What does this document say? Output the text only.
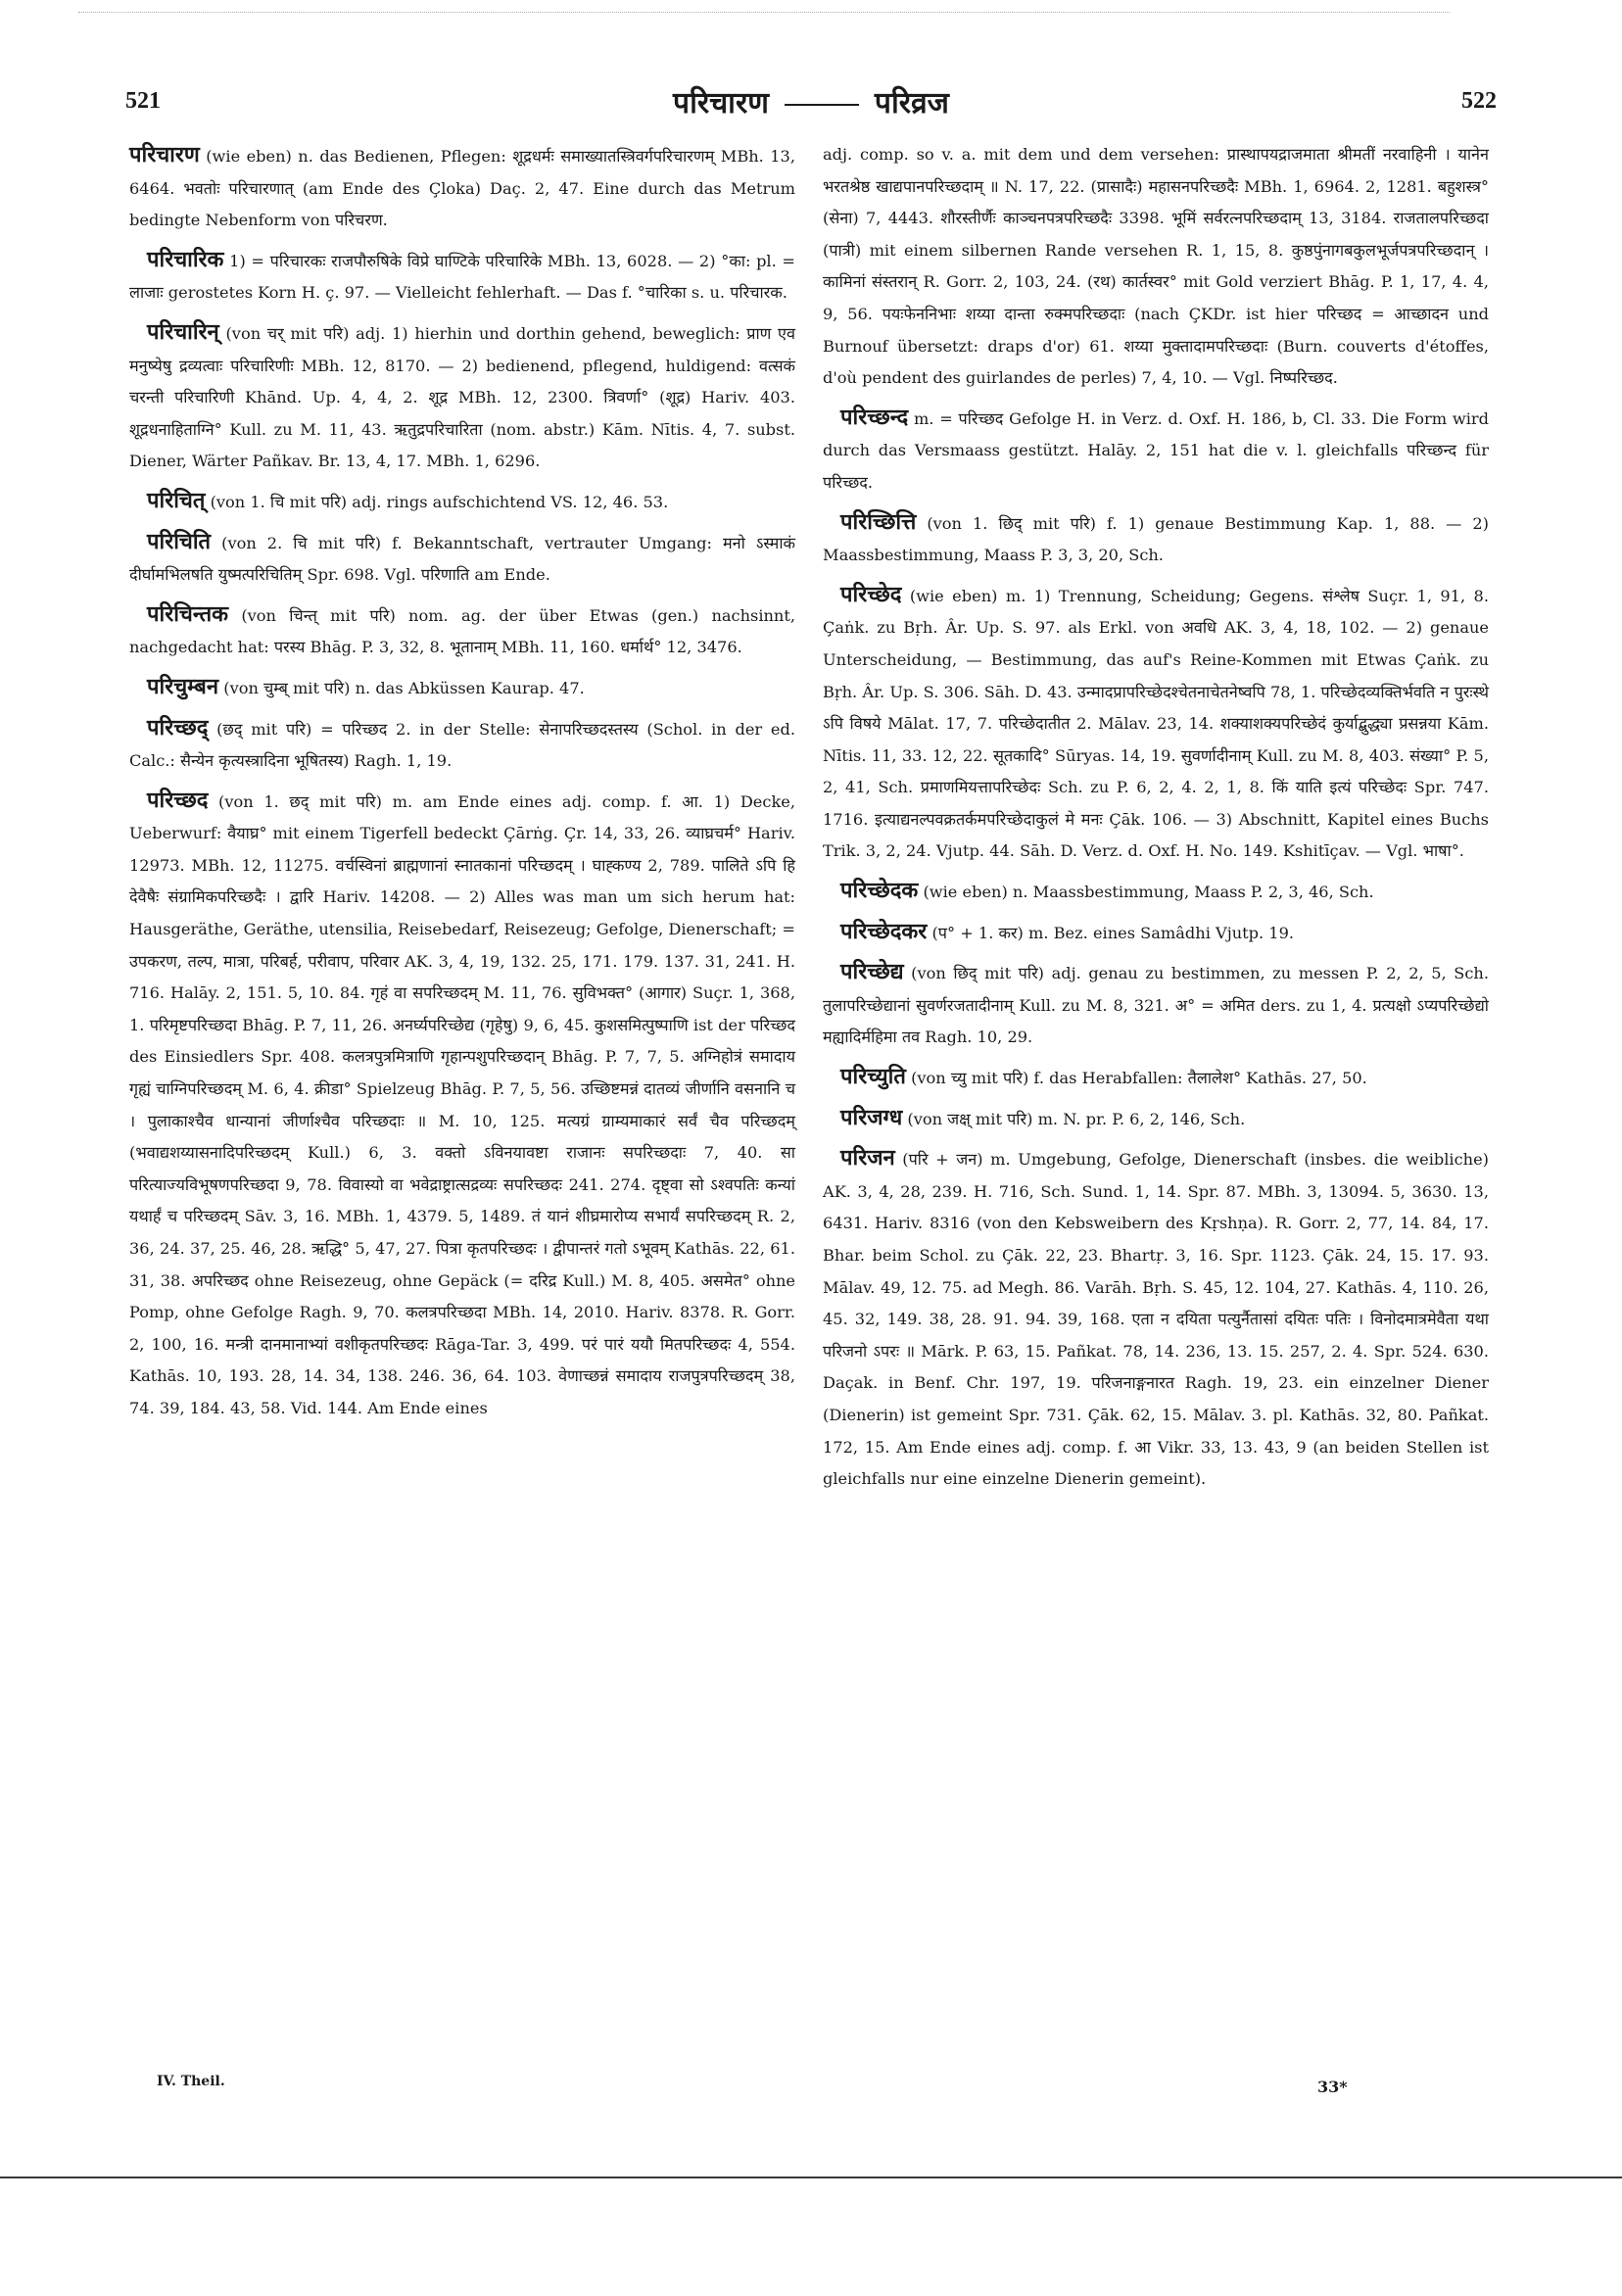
521	परिचारण	परिव्रज	522

परिचारण (wie eben) n. das Bedienen, Pflegen: शूद्रधर्मः समाख्यातस्त्रिवर्गपरिचारणम् MBh. 13, 6464. भवतोः परिचारणात् (am Ende des Çloka) Daç. 2, 47. Eine durch das Metrum bedingte Nebenform von परिचरण.

परिचारिक 1) = परिचारकः राजपौरुषिके विप्रे घाण्टिके परिचारिके MBh. 13, 6028. — 2) °का: pl. = लाजाः gerostetes Korn H. ç. 97. — Vielleicht fehlerhaft. — Das f. °चारिका s. u. परिचारक.

परिचारिन् (von चर् mit परि) adj. 1) hierhin und dorthin gehend, beweglich: प्राण एव मनुष्येषु द्रव्यत्वाः परिचारिणीः MBh. 12, 8170. — 2) bedienend, pflegend, huldigend: वत्सकं चरन्ती परिचारिणी Khānd. Up. 4, 4, 2. शूद्र MBh. 12, 2300. त्रिवर्णा° (शूद्र) Hariv. 403. शूद्रधनाहिताग्नि° Kull. zu M. 11, 43. ऋतुद्रपरिचारिता (nom. abstr.) Kām. Nītis. 4, 7. subst. Diener, Wärter Pañkav. Br. 13, 4, 17. MBh. 1, 6296.

परिचित् (von 1. चि mit परि) adj. rings aufschichtend VS. 12, 46. 53.

परिचिति (von 2. चि mit परि) f. Bekanntschaft, vertrauter Umgang: मनो ऽस्माकं दीर्घामभिलषति युष्मत्परिचितिम् Spr. 698. Vgl. परिणाति am Ende.

परिचिन्तक (von चिन्त् mit परि) nom. ag. der über Etwas (gen.) nachsinnt, nachgedacht hat: परस्य Bhāg. P. 3, 32, 8. भूतानाम् MBh. 11, 160. धर्मार्थ° 12, 3476.

परिचुम्बन (von चुम्ब् mit परि) n. das Abküssen Kaurap. 47.

परिच्छद् (छद् mit परि) = परिच्छद 2. in der Stelle: सेनापरिच्छदस्तस्य (Schol. in der ed. Calc.: सैन्येन कृत्यस्त्रादिना भूषितस्य) Ragh. 1, 19.

परिच्छद (von 1. छद् mit परि) m. am Ende eines adj. comp. f. आ. 1) Decke, Ueberwurf: वैयाघ्र° mit einem Tigerfell bedeckt Çārṅg. Çr. 14, 33, 26. व्याघ्रचर्म° Hariv. 12973. MBh. 12, 11275. वर्चस्विनां ब्राह्मणानां स्नातकानां परिच्छदम् । घाह्कण्य 2, 789. पालिते ऽपि हि देवैषैः संग्रामिकपरिच्छदैः । द्वारि Hariv. 14208. — 2) Alles was man um sich herum hat: Hausgeräthe, Geräthe, utensilia, Reisebedarf, Reisezeug; Gefolge, Dienerschaft; = उपकरण, तल्प, मात्रा, परिबर्ह, परीवाप, परिवार AK. 3, 4, 19, 132. 25, 171. 179. 137. 31, 241. H. 716. Halāy. 2, 151. 5, 10. 84. गृहं वा सपरिच्छदम् M. 11, 76. सुविभक्त° (आगार) Suçr. 1, 368, 1. परिमृष्टपरिच्छदा Bhāg. P. 7, 11, 26. अनर्घ्यपरिच्छेद्य (गृहेषु) 9, 6, 45. कुशसमित्पुष्पाणि ist der परिच्छद des Einsiedlers Spr. 408. कलत्रपुत्रमित्राणि गृहान्पशुपरिच्छदान् Bhāg. P. 7, 7, 5. अग्निहोत्रं समादाय गृह्यं चाग्निपरिच्छदम् M. 6, 4. क्रीडा° Spielzeug Bhāg. P. 7, 5, 56. उच्छिष्टमन्नं दातव्यं जीर्णानि वसनानि च । पुलाकाश्चैव धान्यानां जीर्णाश्चैव परिच्छदाः ॥ M. 10, 125. मत्यग्रं ग्राम्यमाकारं सर्वं चैव परिच्छदम् (भवाद्यशय्यासनादिपरिच्छदम् Kull.) 6, 3. वक्तो ऽविनयावष्टा राजानः सपरिच्छदाः 7, 40. सा परित्याज्यविभूषणपरिच्छदा 9, 78. विवास्यो वा भवेद्राष्ट्रात्सद्रव्यः सपरिच्छदः 241. 274. दृष्ट्वा सो ऽश्वपतिः कन्यां यथार्हं च परिच्छदम् Sāv. 3, 16. MBh. 1, 4379. 5, 1489. तं यानं शीघ्रमारोप्य सभार्यं सपरिच्छदम् R. 2, 36, 24. 37, 25. 46, 28. ऋद्धि° 5, 47, 27. पित्रा कृतपरिच्छदः । द्वीपान्तरं गतो ऽभूवम् Kathās. 22, 61. 31, 38. अपरिच्छद ohne Reisezeug, ohne Gepäck (= दरिद्र Kull.) M. 8, 405. असमेत° ohne Pomp, ohne Gefolge Ragh. 9, 70. कलत्रपरिच्छदा MBh. 14, 2010. Hariv. 8378. R. Gorr. 2, 100, 16. मन्त्री दानमानाभ्यां वशीकृतपरिच्छदः Rāga-Tar. 3, 499. परं पारं ययौ मितपरिच्छदः 4, 554. Kathās. 10, 193. 28, 14. 34, 138. 246. 36, 64. 103. वेणाच्छन्नं समादाय राजपुत्रपरिच्छदम् 38, 74. 39, 184. 43, 58. Vid. 144. Am Ende eines

adj. comp. so v. a. mit dem und dem versehen: प्रास्थापयद्राजमाता श्रीमतीं नरवाहिनी । यानेन भरतश्रेष्ठ खाद्यपानपरिच्छदाम् ॥ N. 17, 22. (प्रासादैः) महासनपरिच्छदैः MBh. 1, 6964. 2, 1281. बहुशस्त्र° (सेना) 7, 4443. शौरस्तीर्णैः काञ्चनपत्रपरिच्छदैः 3398. भूमिं सर्वरत्नपरिच्छदाम् 13, 3184. राजतालपरिच्छदा (पात्री) mit einem silbernen Rande versehen R. 1, 15, 8. कुष्ठपुंनागबकुलभूर्जपत्रपरिच्छदान् । कामिनां संस्तरान् R. Gorr. 2, 103, 24. (रथ) कार्तस्वर° mit Gold verziert Bhāg. P. 1, 17, 4. 4, 9, 56. पयःफेननिभाः शय्या दान्ता रुक्मपरिच्छदाः (nach ÇKDr. ist hier परिच्छद = आच्छादन und Burnouf übersetzt: draps d'or) 61. शय्या मुक्तादामपरिच्छदाः (Burn. couverts d'étoffes, d'où pendent des guirlandes de perles) 7, 4, 10. — Vgl. निष्परिच्छद.

परिच्छन्द m. = परिच्छद Gefolge H. in Verz. d. Oxf. H. 186, b, Cl. 33. Die Form wird durch das Versmaass gestützt. Halāy. 2, 151 hat die v. l. gleichfalls परिच्छन्द für परिच्छद.

परिच्छित्ति (von 1. छिद् mit परि) f. 1) genaue Bestimmung Kap. 1, 88. — 2) Maassbestimmung, Maass P. 3, 3, 20, Sch.

परिच्छेद (wie eben) m. 1) Trennung, Scheidung; Gegens. संश्लेष Suçr. 1, 91, 8. Çaṅk. zu Bṛh. Âr. Up. S. 97. als Erkl. von अवधि AK. 3, 4, 18, 102. — 2) genaue Unterscheidung, — Bestimmung, das auf's Reine-Kommen mit Etwas Çaṅk. zu Bṛh. Âr. Up. S. 306. Sāh. D. 43. उन्मादप्रापरिच्छेदश्चेतनाचेतनेष्वपि 78, 1. परिच्छेदव्यक्तिर्भवति न पुरःस्थे ऽपि विषये Mālat. 17, 7. परिच्छेदातीत 2. Mālav. 23, 14. शक्याशक्यपरिच्छेदं कुर्याद्बुद्ध्या प्रसन्नया Kām. Nītis. 11, 33. 12, 22. सूतकादि° Sūryas. 14, 19. सुवर्णादीनाम् Kull. zu M. 8, 403. संख्या° P. 5, 2, 41, Sch. प्रमाणमियत्तापरिच्छेदः Sch. zu P. 6, 2, 4. 2, 1, 8. किं याति इत्यं परिच्छेदः Spr. 747. 1716. इत्याद्यनल्पवक्रतर्कमपरिच्छेदाकुलं मे मनः Çāk. 106. — 3) Abschnitt, Kapitel eines Buchs Trik. 3, 2, 24. Vjutp. 44. Sāh. D. Verz. d. Oxf. H. No. 149. Kshitīçav. — Vgl. भाषा°.

परिच्छेदक (wie eben) n. Maassbestimmung, Maass P. 2, 3, 46, Sch.

परिच्छेदकर (प° + 1. कर) m. Bez. eines Samâdhi Vjutp. 19.

परिच्छेद्य (von छिद् mit परि) adj. genau zu bestimmen, zu messen P. 2, 2, 5, Sch. तुलापरिच्छेद्यानां सुवर्णरजतादीनाम् Kull. zu M. 8, 321. अ° = अमित ders. zu 1, 4. प्रत्यक्षो ऽप्यपरिच्छेद्यो मह्यादिर्महिमा तव Ragh. 10, 29.

परिच्युति (von च्यु mit परि) f. das Herabfallen: तैलालेश° Kathās. 27, 50.

परिजग्ध (von जक्ष् mit परि) m. N. pr. P. 6, 2, 146, Sch.

परिजन (परि + जन) m. Umgebung, Gefolge, Dienerschaft (insbes. die weibliche) AK. 3, 4, 28, 239. H. 716, Sch. Sund. 1, 14. Spr. 87. MBh. 3, 13094. 5, 3630. 13, 6431. Hariv. 8316 (von den Kebsweibern des Kṛshṇa). R. Gorr. 2, 77, 14. 84, 17. Bhar. beim Schol. zu Çāk. 22, 23. Bhartṛ. 3, 16. Spr. 1123. Çāk. 24, 15. 17. 93. Mālav. 49, 12. 75. ad Megh. 86. Varāh. Bṛh. S. 45, 12. 104, 27. Kathās. 4, 110. 26, 45. 32, 149. 38, 28. 91. 94. 39, 168. एता न दयिता पत्युर्नैतासां दयितः पतिः । विनोदमात्रमेवैता यथा परिजनो ऽपरः ॥ Mārk. P. 63, 15. Pañkat. 78, 14. 236, 13. 15. 257, 2. 4. Spr. 524. 630. Daçak. in Benf. Chr. 197, 19. परिजनाङ्गनारत Ragh. 19, 23. ein einzelner Diener (Dienerin) ist gemeint Spr. 731. Çāk. 62, 15. Mālav. 3. pl. Kathās. 32, 80. Pañkat. 172, 15. Am Ende eines adj. comp. f. आ Vikr. 33, 13. 43, 9 (an beiden Stellen ist gleichfalls nur eine einzelne Dienerin gemeint).

IV. Theil.	33*
